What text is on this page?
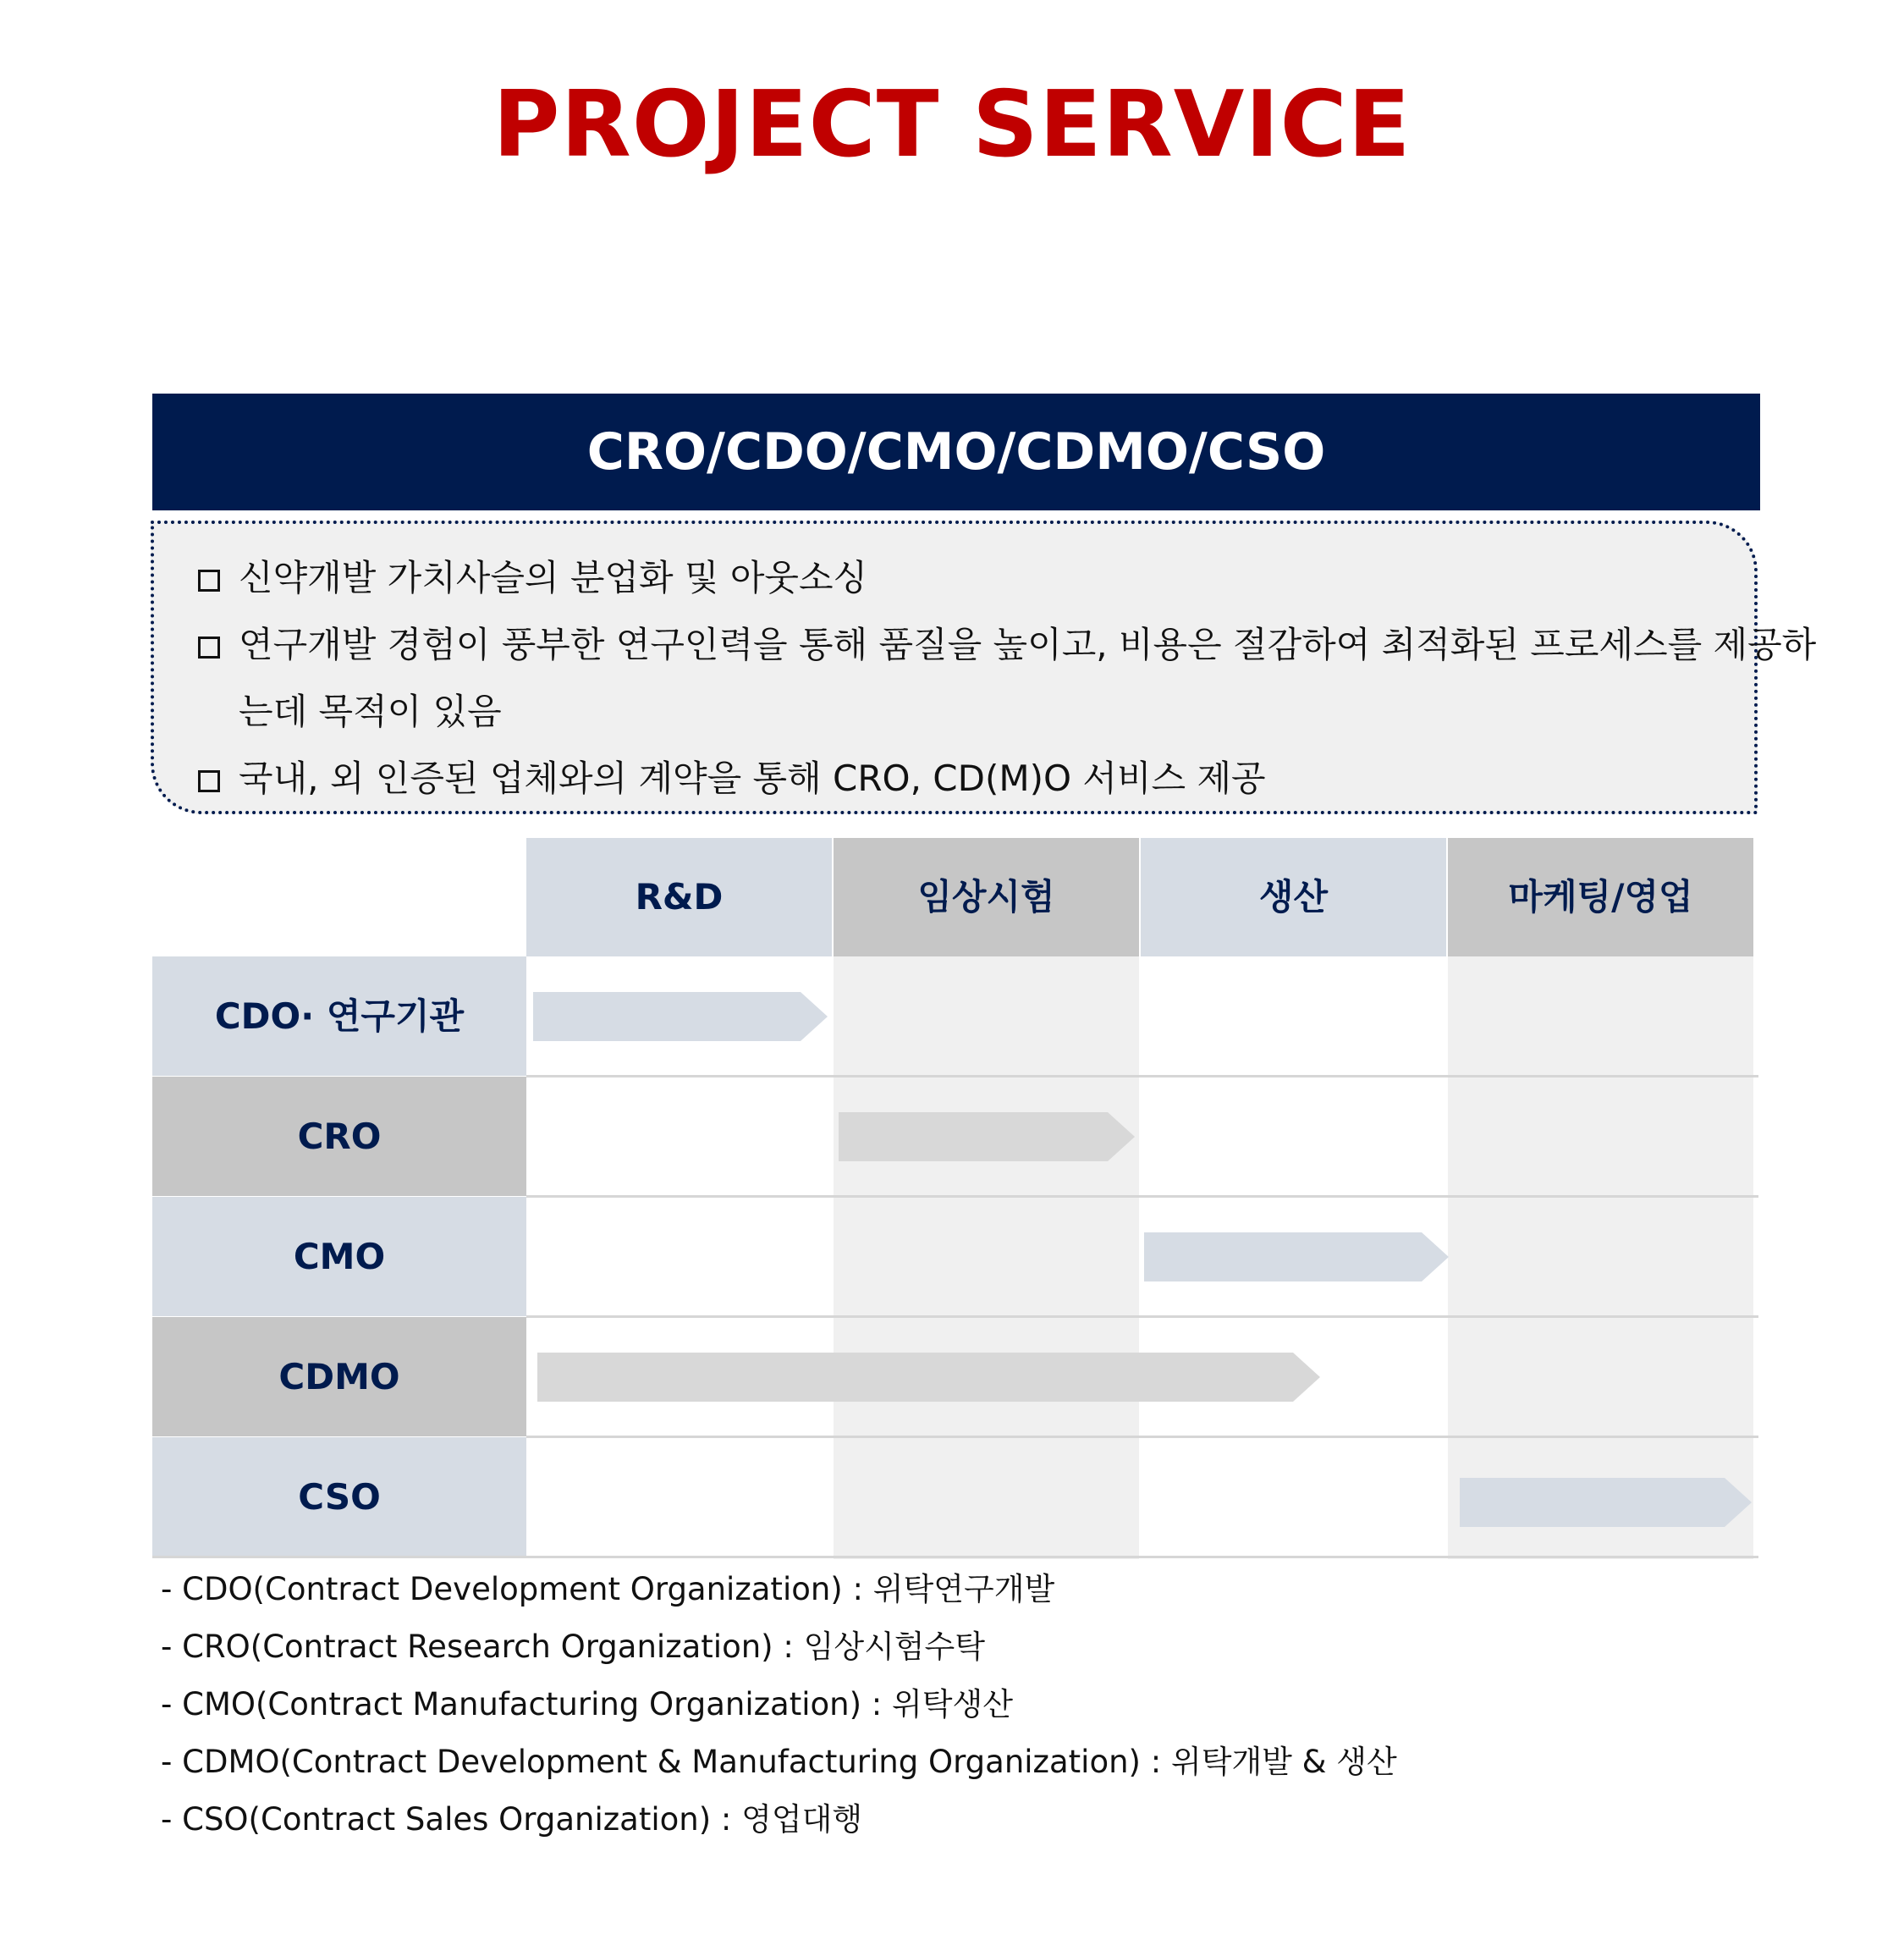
PROJECT SERVICE
CRO/CDO/CMO/CDMO/CSO
신약개발 가치사슬의 분업화 및 아웃소싱
연구개발 경험이 풍부한 연구인력을 통해 품질을 높이고, 비용은 절감하여 최적화된 프로세스를 제공하
는데 목적이 있음
국내, 외 인증된 업체와의 계약을 통해 CRO, CD(M)O 서비스 제공
R&D	임상시험	생산	마케팅/영업
CDO· 연구기관
CRO
CMO
CDMO
CSO
- CDO(Contract Development Organization) : 위탁연구개발
- CRO(Contract Research Organization) : 임상시험수탁
- CMO(Contract Manufacturing Organization) : 위탁생산
- CDMO(Contract Development & Manufacturing Organization) : 위탁개발 & 생산
- CSO(Contract Sales Organization) : 영업대행
